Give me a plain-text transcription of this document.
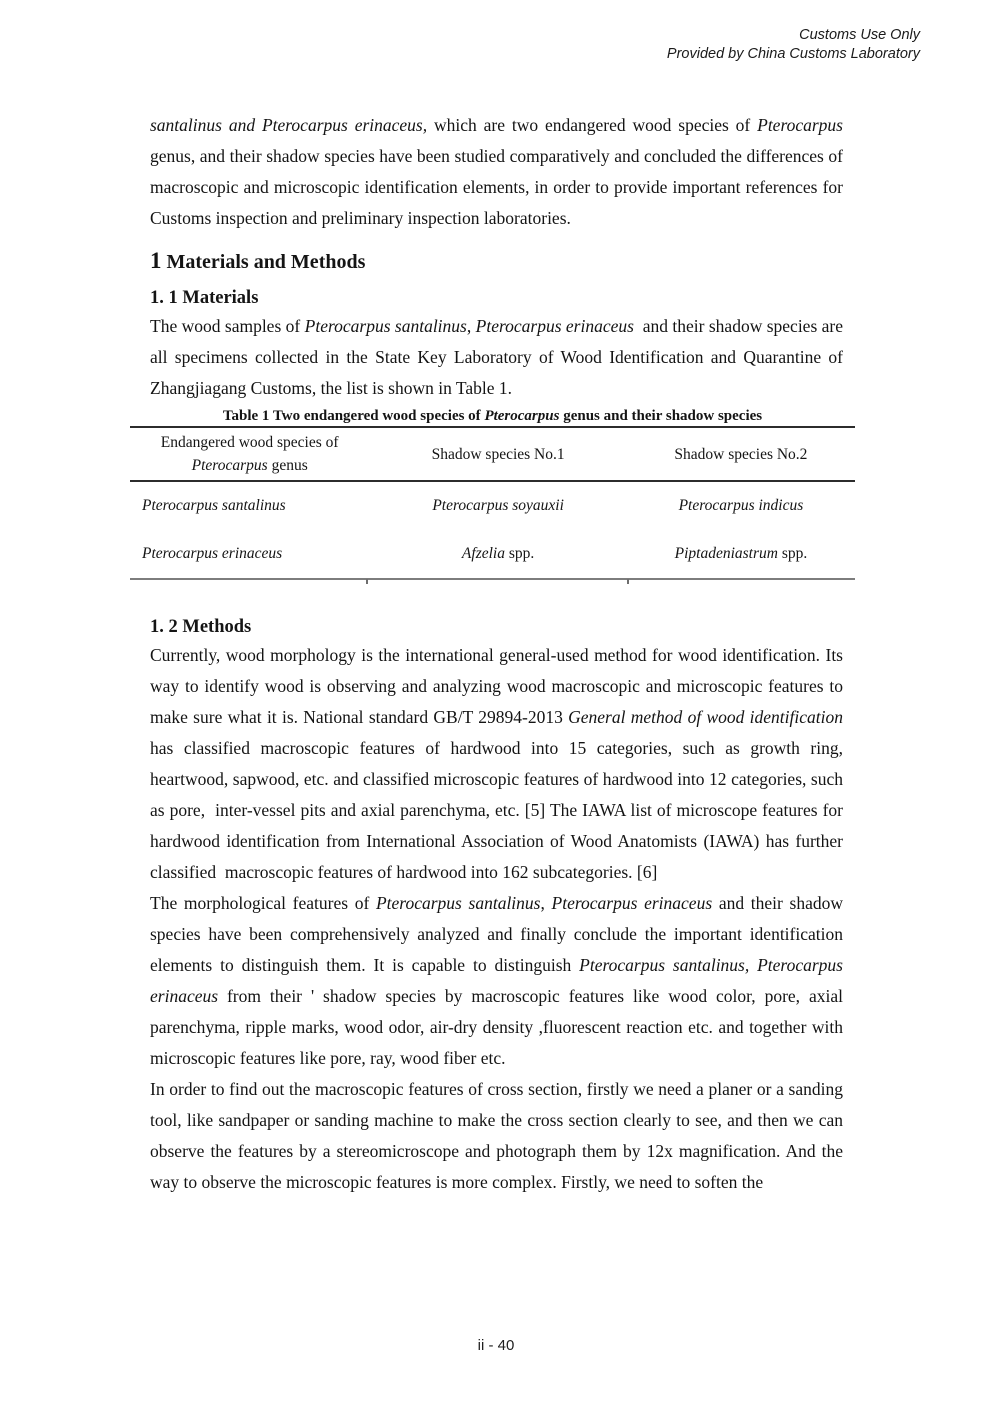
Customs Use Only
Provided by China Customs Laboratory

santalinus and Pterocarpus erinaceus, which are two endangered wood species of Pterocarpus genus, and their shadow species have been studied comparatively and concluded the differences of macroscopic and microscopic identification elements, in order to provide important references for Customs inspection and preliminary inspection laboratories.

1 Materials and Methods
1. 1 Materials

The wood samples of Pterocarpus santalinus, Pterocarpus erinaceus  and their shadow species are all specimens collected in the State Key Laboratory of Wood Identification and Quarantine of Zhangjiagang Customs, the list is shown in Table 1.

Table 1 Two endangered wood species of Pterocarpus genus and their shadow species
Endangered wood species of
Pterocarpus genus	Shadow species No.1	Shadow species No.2
Pterocarpus santalinus	Pterocarpus soyauxii	Pterocarpus indicus
Pterocarpus erinaceus	Afzelia spp.	Piptadeniastrum spp.
1. 2 Methods

Currently, wood morphology is the international general-used method for wood identification. Its way to identify wood is observing and analyzing wood macroscopic and microscopic features to make sure what it is. National standard GB/T 29894-2013 General method of wood identification has classified macroscopic features of hardwood into 15 categories, such as growth ring, heartwood, sapwood, etc. and classified microscopic features of hardwood into 12 categories, such as pore,  inter-vessel pits and axial parenchyma, etc. [5] The IAWA list of microscope features for hardwood identification from International Association of Wood Anatomists (IAWA) has further classified  macroscopic features of hardwood into 162 subcategories. [6]

The morphological features of Pterocarpus santalinus, Pterocarpus erinaceus and their shadow species have been comprehensively analyzed and finally conclude the important identification elements to distinguish them. It is capable to distinguish Pterocarpus santalinus, Pterocarpus erinaceus from their ' shadow species by macroscopic features like wood color, pore, axial parenchyma, ripple marks, wood odor, air-dry density ,fluorescent reaction etc. and together with microscopic features like pore, ray, wood fiber etc.

In order to find out the macroscopic features of cross section, firstly we need a planer or a sanding tool, like sandpaper or sanding machine to make the cross section clearly to see, and then we can observe the features by a stereomicroscope and photograph them by 12x magnification. And the way to observe the microscopic features is more complex. Firstly, we need to soften the

ii - 40
